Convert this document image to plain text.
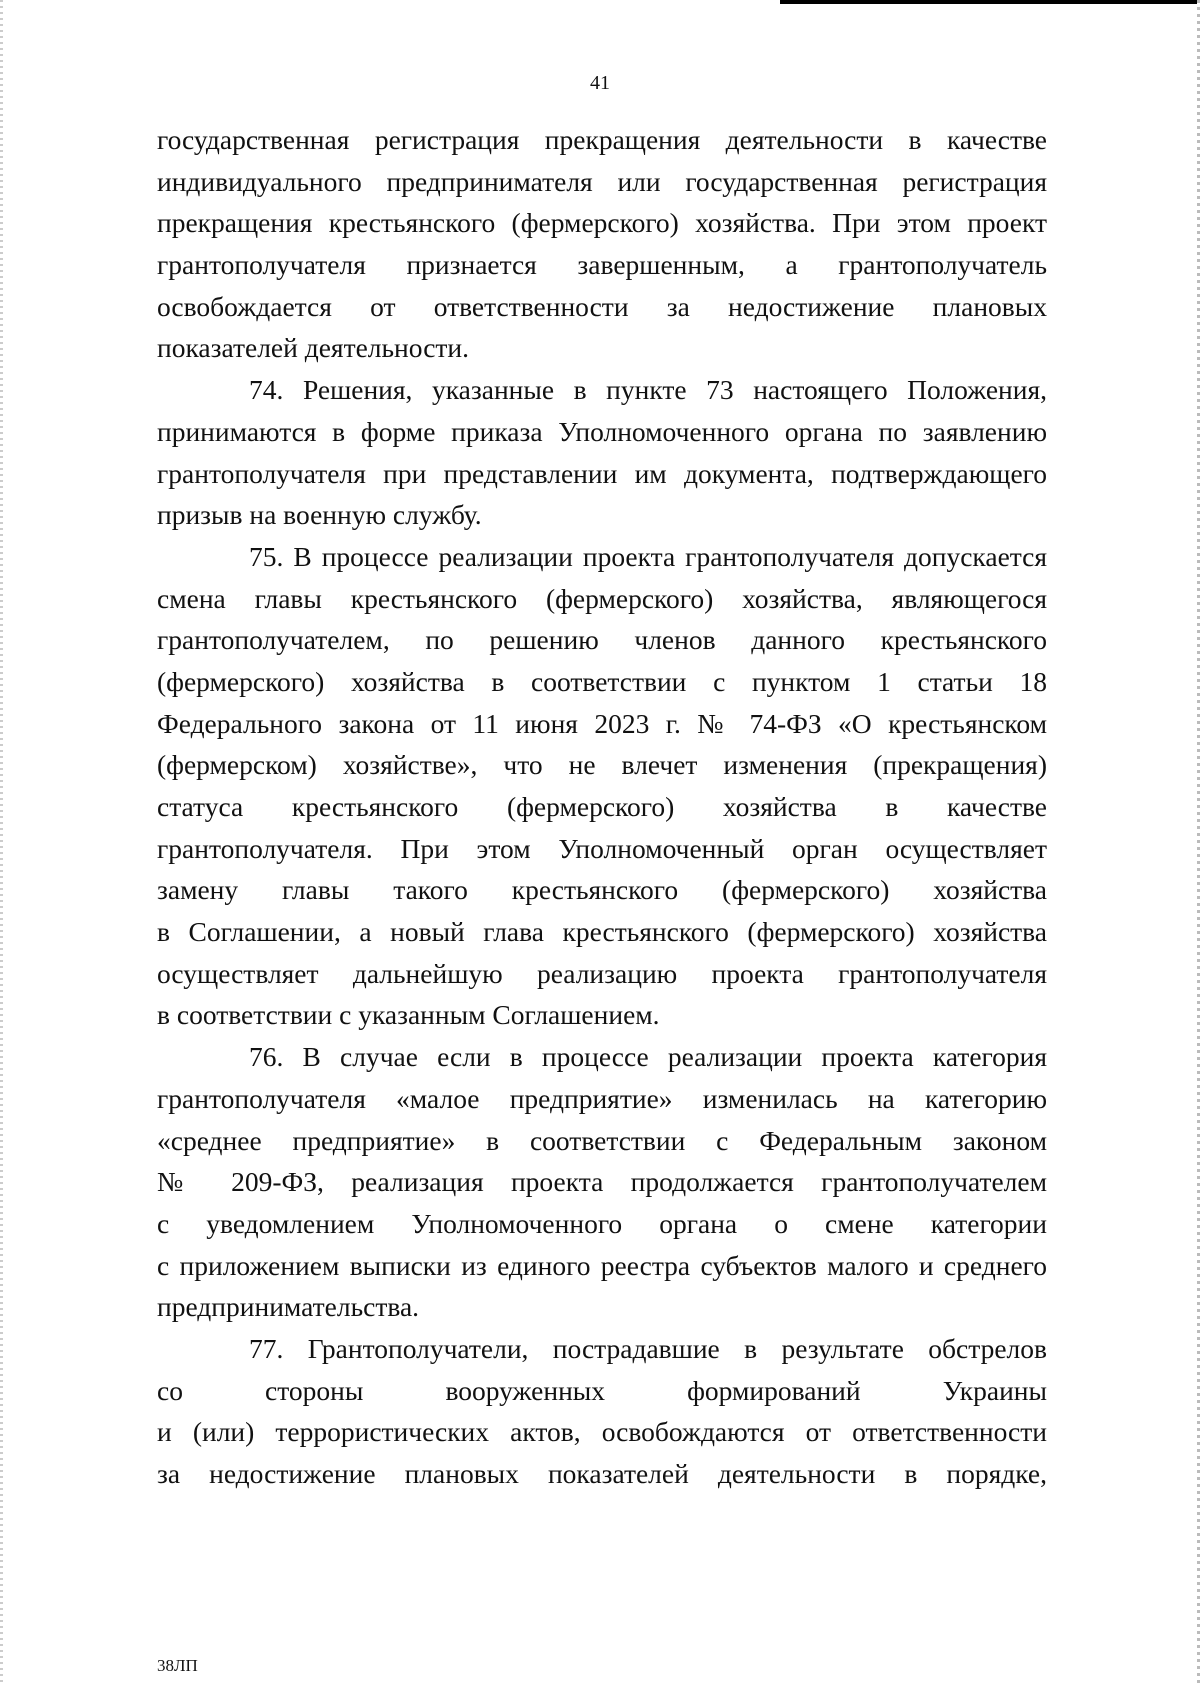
41
государственная регистрация прекращения деятельности в качестве
индивидуального предпринимателя или государственная регистрация
прекращения крестьянского (фермерского) хозяйства. При этом проект
грантополучателя признается завершенным, а грантополучатель
освобождается от ответственности за недостижение плановых
показателей деятельности.
74. Решения, указанные в пункте 73 настоящего Положения,
принимаются в форме приказа Уполномоченного органа по заявлению
грантополучателя при представлении им документа, подтверждающего
призыв на военную службу.
75. В процессе реализации проекта грантополучателя допускается
смена главы крестьянского (фермерского) хозяйства, являющегося
грантополучателем, по решению членов данного крестьянского
(фермерского) хозяйства в соответствии с пунктом 1 статьи 18
Федерального закона от 11 июня 2023 г. № 74-ФЗ «О крестьянском
(фермерском) хозяйстве», что не влечет изменения (прекращения)
статуса крестьянского (фермерского) хозяйства в качестве
грантополучателя. При этом Уполномоченный орган осуществляет
замену главы такого крестьянского (фермерского) хозяйства
в Соглашении, а новый глава крестьянского (фермерского) хозяйства
осуществляет дальнейшую реализацию проекта грантополучателя
в соответствии с указанным Соглашением.
76. В случае если в процессе реализации проекта категория
грантополучателя «малое предприятие» изменилась на категорию
«среднее предприятие» в соответствии с Федеральным законом
№ 209-ФЗ, реализация проекта продолжается грантополучателем
с уведомлением Уполномоченного органа о смене категории
с приложением выписки из единого реестра субъектов малого и среднего
предпринимательства.
77. Грантополучатели, пострадавшие в результате обстрелов
со стороны вооруженных формирований Украины
и (или) террористических актов, освобождаются от ответственности
за недостижение плановых показателей деятельности в порядке,
38ЛП
